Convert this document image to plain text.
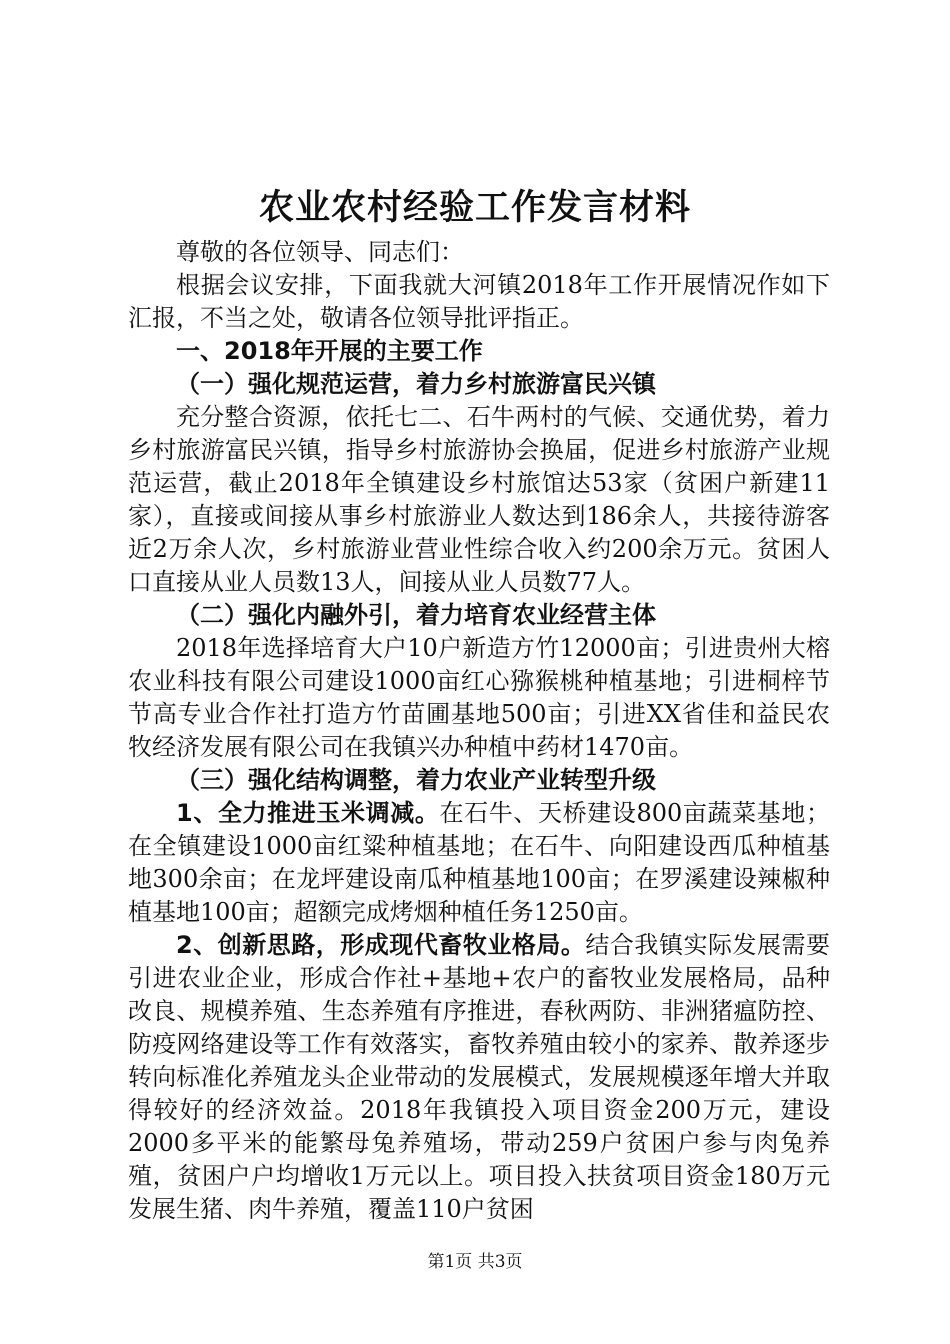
农业农村经验工作发言材料

尊敬的各位领导、同志们：

根据会议安排，下面我就大河镇2018年工作开展情况作如下汇报，不当之处，敬请各位领导批评指正。

一、2018年开展的主要工作

（一）强化规范运营，着力乡村旅游富民兴镇

充分整合资源，依托七二、石牛两村的气候、交通优势，着力乡村旅游富民兴镇，指导乡村旅游协会换届，促进乡村旅游产业规范运营，截止2018年全镇建设乡村旅馆达53家（贫困户新建11家），直接或间接从事乡村旅游业人数达到186余人，共接待游客近2万余人次，乡村旅游业营业性综合收入约200余万元。贫困人口直接从业人员数13人，间接从业人员数77人。

（二）强化内融外引，着力培育农业经营主体

2018年选择培育大户10户新造方竹12000亩；引进贵州大榕农业科技有限公司建设1000亩红心猕猴桃种植基地；引进桐梓节节高专业合作社打造方竹苗圃基地500亩；引进XX省佳和益民农牧经济发展有限公司在我镇兴办种植中药材1470亩。

（三）强化结构调整，着力农业产业转型升级

1、全力推进玉米调减。在石牛、天桥建设800亩蔬菜基地；在全镇建设1000亩红粱种植基地；在石牛、向阳建设西瓜种植基地300余亩；在龙坪建设南瓜种植基地100亩；在罗溪建设辣椒种植基地100亩；超额完成烤烟种植任务1250亩。

2、创新思路，形成现代畜牧业格局。结合我镇实际发展需要引进农业企业，形成合作社+基地+农户的畜牧业发展格局，品种改良、规模养殖、生态养殖有序推进，春秋两防、非洲猪瘟防控、防疫网络建设等工作有效落实，畜牧养殖由较小的家养、散养逐步转向标准化养殖龙头企业带动的发展模式，发展规模逐年增大并取得较好的经济效益。2018年我镇投入项目资金200万元，建设2000多平米的能繁母兔养殖场，带动259户贫困户参与肉兔养殖，贫困户户均增收1万元以上。项目投入扶贫项目资金180万元发展生猪、肉牛养殖，覆盖110户贫困

第1页 共3页
